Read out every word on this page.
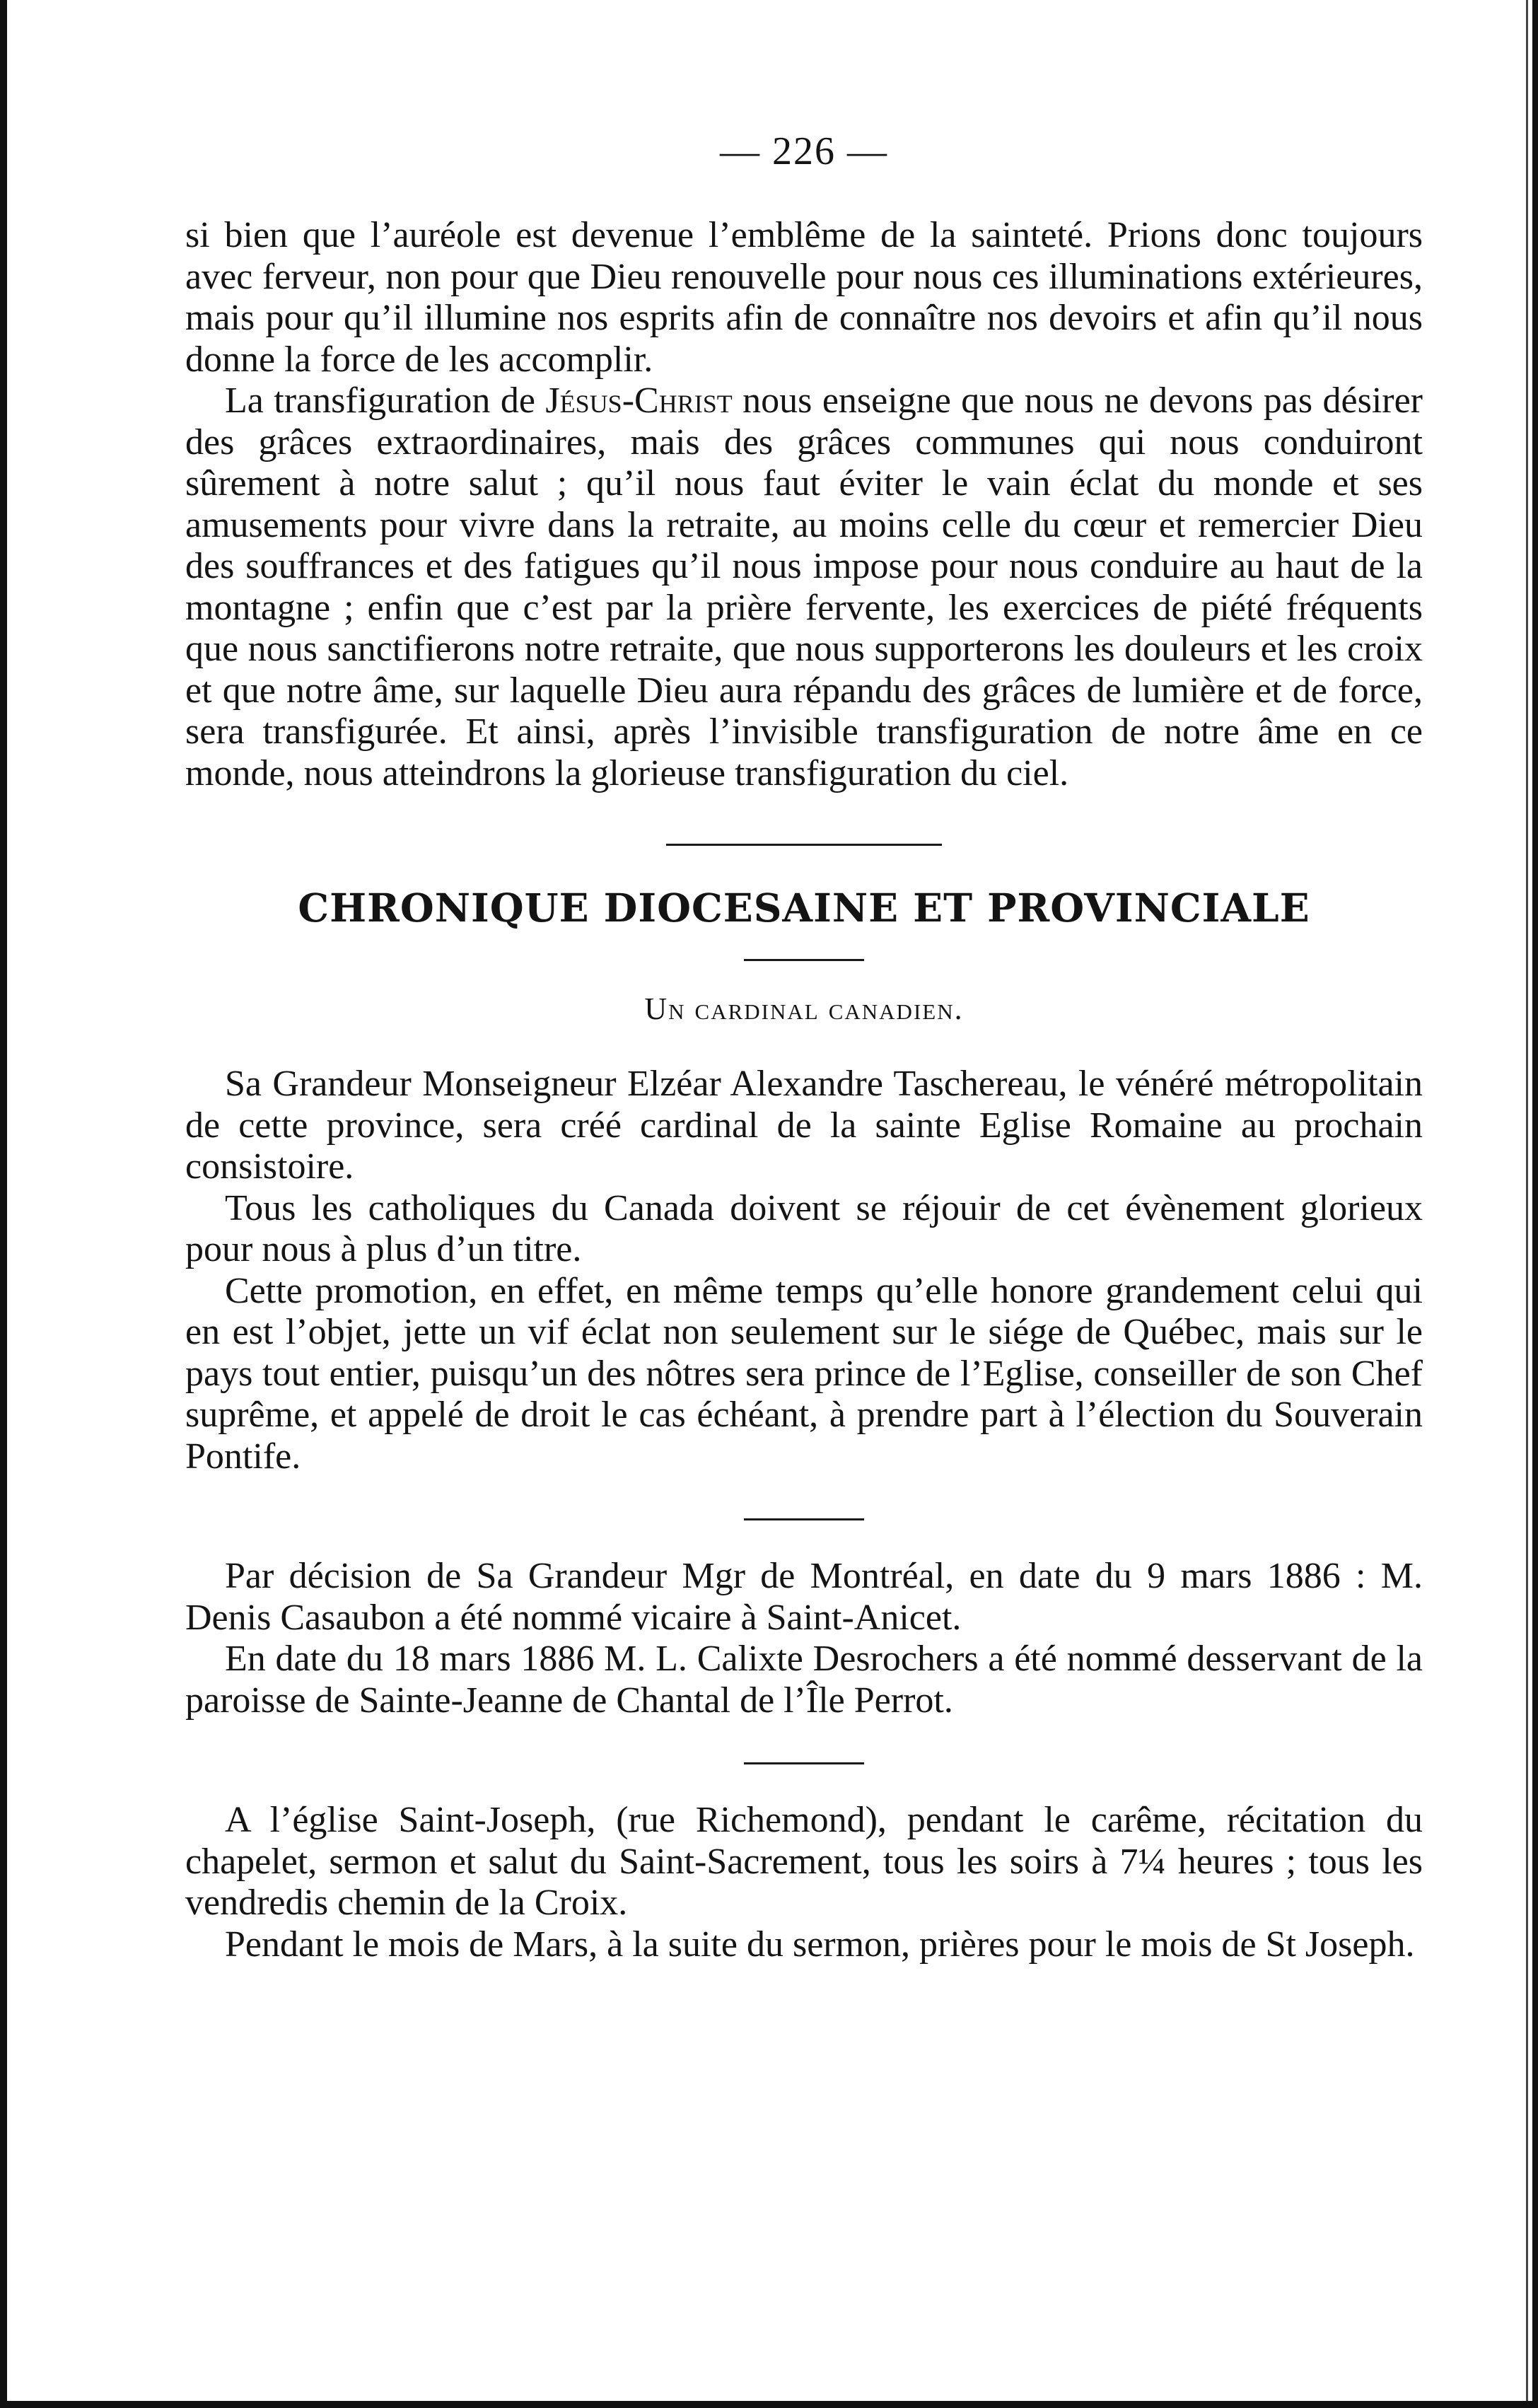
— 226 —

si bien que l’auréole est devenue l’emblême de la sainteté. Prions donc toujours avec ferveur, non pour que Dieu renouvelle pour nous ces illuminations extérieures, mais pour qu’il illumine nos esprits afin de connaître nos devoirs et afin qu’il nous donne la force de les accomplir.

La transfiguration de Jésus-Christ nous enseigne que nous ne devons pas désirer des grâces extraordinaires, mais des grâces communes qui nous conduiront sûrement à notre salut ; qu’il nous faut éviter le vain éclat du monde et ses amusements pour vivre dans la retraite, au moins celle du cœur et remercier Dieu des souffrances et des fatigues qu’il nous impose pour nous conduire au haut de la montagne ; enfin que c’est par la prière fervente, les exercices de piété fréquents que nous sanctifierons notre retraite, que nous supporterons les douleurs et les croix et que notre âme, sur laquelle Dieu aura répandu des grâces de lumière et de force, sera transfigurée. Et ainsi, après l’invisible transfiguration de notre âme en ce monde, nous atteindrons la glorieuse transfiguration du ciel.

CHRONIQUE DIOCESAINE ET PROVINCIALE
Un cardinal canadien.

Sa Grandeur Monseigneur Elzéar Alexandre Taschereau, le vénéré métropolitain de cette province, sera créé cardinal de la sainte Eglise Romaine au prochain consistoire.

Tous les catholiques du Canada doivent se réjouir de cet évènement glorieux pour nous à plus d’un titre.

Cette promotion, en effet, en même temps qu’elle honore grandement celui qui en est l’objet, jette un vif éclat non seulement sur le siége de Québec, mais sur le pays tout entier, puisqu’un des nôtres sera prince de l’Eglise, conseiller de son Chef suprême, et appelé de droit le cas échéant, à prendre part à l’élection du Souverain Pontife.

Par décision de Sa Grandeur Mgr de Montréal, en date du 9 mars 1886 : M. Denis Casaubon a été nommé vicaire à Saint-Anicet.

En date du 18 mars 1886 M. L. Calixte Desrochers a été nommé desservant de la paroisse de Sainte-Jeanne de Chantal de l’Île Perrot.

A l’église Saint-Joseph, (rue Richemond), pendant le carême, récitation du chapelet, sermon et salut du Saint-Sacrement, tous les soirs à 7¼ heures ; tous les vendredis chemin de la Croix.

Pendant le mois de Mars, à la suite du sermon, prières pour le mois de St Joseph.
